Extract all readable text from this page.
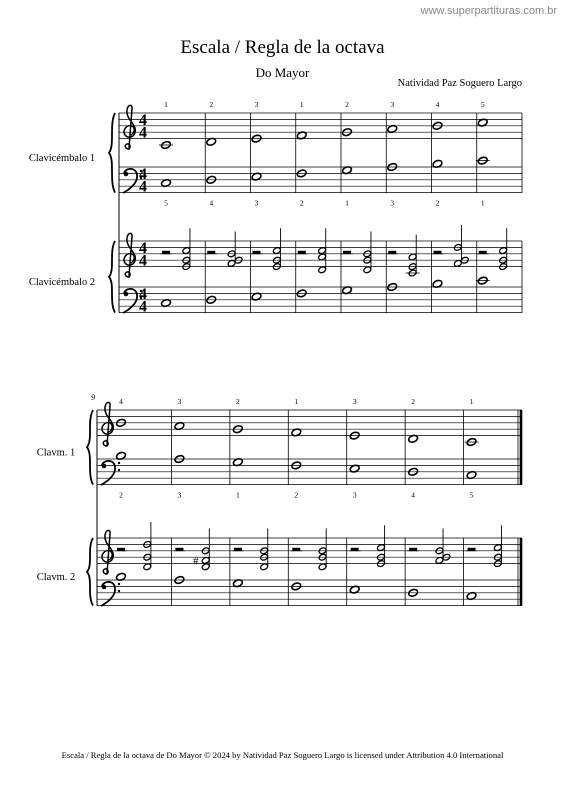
www.superpartituras.com.br
Escala / Regla de la octava
Do Mayor
Natividad Paz Soguero Largo
Clavicémbalo 1
Clavicémbalo 2
4
4
4
4
4
4
4
4
1
5
2
4
3
3
1
2
2
1
3
3
4
2
5
1
Clavm. 1
Clavm. 2
9	4
2
3
3
#
2
1
1
2
3
3
2
4
1
5
Escala / Regla de la octava de Do Mayor © 2024 by Natividad Paz Soguero Largo is licensed under Attribution 4.0 International
